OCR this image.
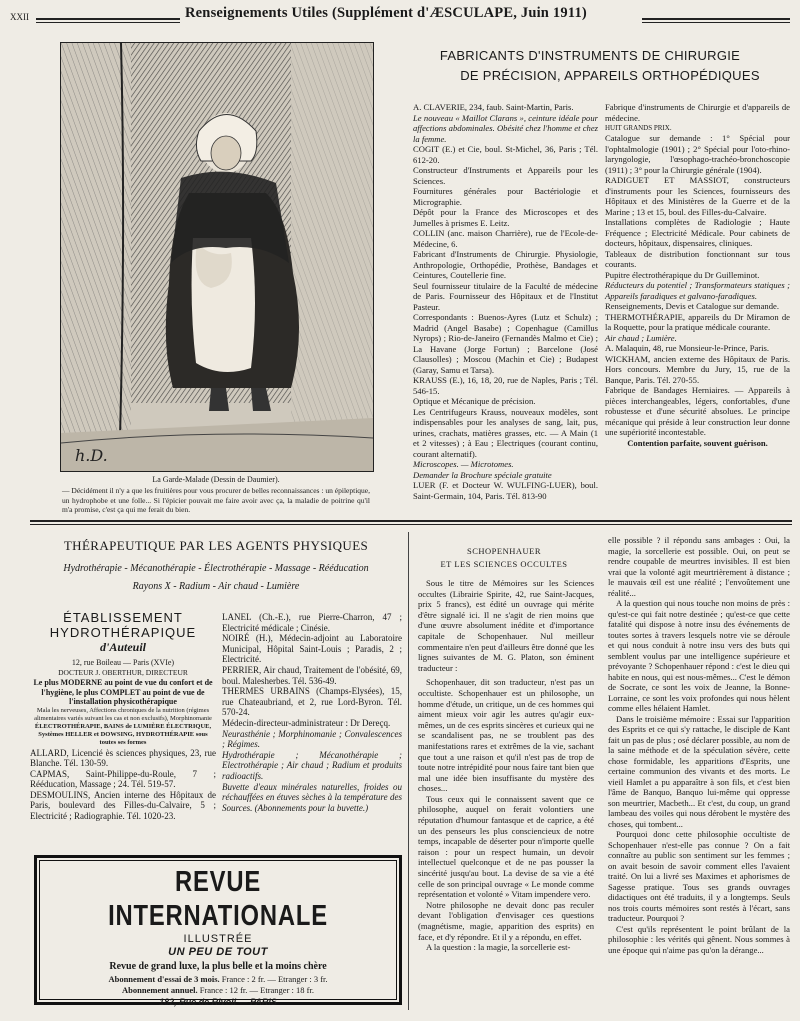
XXII	Renseignements Utiles (Supplément d'ÆSCULAPE, Juin 1911)
h.D.
La Garde-Malade (Dessin de Daumier).
— Décidément il n'y a que les fruitières pour vous procurer de belles reconnaissances : un épileptique, un hydrophobe et une folle... Si l'épicier pouvait me faire avoir avec ça, la maladie de poitrine qu'il m'a promise, c'est ça qui me ferait du bien.
FABRICANTS D'INSTRUMENTS DE CHIRURGIE
DE PRÉCISION, APPAREILS ORTHOPÉDIQUES

A. CLAVERIE, 234, faub. Saint-Martin, Paris.

Le nouveau « Maillot Clarans », ceinture idéale pour affections abdominales. Obésité chez l'homme et chez la femme.

COGIT (E.) et Cie, boul. St-Michel, 36, Paris ; Tél. 612-20.

Constructeur d'Instruments et Appareils pour les Sciences.

Fournitures générales pour Bactériologie et Micrographie.

Dépôt pour la France des Microscopes et des Jumelles à prismes E. Leitz.

COLLIN (anc. maison Charrière), rue de l'Ecole-de-Médecine, 6.

Fabricant d'Instruments de Chirurgie. Physiologie, Anthropologie, Orthopédie, Prothèse, Bandages et Ceintures, Coutellerie fine.

Seul fournisseur titulaire de la Faculté de médecine de Paris. Fournisseur des Hôpitaux et de l'Institut Pasteur.

Correspondants : Buenos-Ayres (Lutz et Schulz) ; Madrid (Angel Basabe) ; Copenhague (Camillus Nyrops) ; Rio-de-Janeiro (Fernandès Malmo et Cie) ; La Havane (Jorge Fortun) ; Barcelone (José Clausolles) ; Moscou (Machin et Cie) ; Budapest (Garay, Samu et Tarsa).

KRAUSS (E.), 16, 18, 20, rue de Naples, Paris ; Tél. 546-15.

Optique et Mécanique de précision.

Les Centrifugeurs Krauss, nouveaux modèles, sont indispensables pour les analyses de sang, lait, pus, urines, crachats, matières grasses, etc. — A Main (1 et 2 vitesses) ; à Eau ; Electriques (courant continu, courant alternatif).

Microscopes. — Microtomes.

Demander la Brochure spéciale gratuite

LUER (F. et Docteur W. WULFING-LUER), boul. Saint-Germain, 104, Paris. Tél. 813-90

Fabrique d'instruments de Chirurgie et d'appareils de médecine.

HUIT GRANDS PRIX.

Catalogue sur demande : 1° Spécial pour l'ophtalmologie (1901) ; 2° Spécial pour l'oto-rhino-laryngologie, l'œsophago-trachéo-bronchoscopie (1911) ; 3° pour la Chirurgie générale (1904).

RADIGUET ET MASSIOT, constructeurs d'instruments pour les Sciences, fournisseurs des Hôpitaux et des Ministères de la Guerre et de la Marine ; 13 et 15, boul. des Filles-du-Calvaire.

Installations complètes de Radiologie ; Haute Fréquence ; Electricité Médicale. Pour cabinets de docteurs, hôpitaux, dispensaires, cliniques.

Tableaux de distribution fonctionnant sur tous courants.

Pupitre électrothérapique du Dr Guilleminot.

Réducteurs du potentiel ; Transformateurs statiques ; Appareils faradiques et galvano-faradiques.

Renseignements, Devis et Catalogue sur demande.

THERMOTHÉRAPIE, appareils du Dr Miramon de la Roquette, pour la pratique médicale courante.

Air chaud ; Lumière.

A. Malaquin, 48, rue Monsieur-le-Prince, Paris.

WICKHAM, ancien externe des Hôpitaux de Paris. Hors concours. Membre du Jury, 15, rue de la Banque, Paris. Tél. 270-55.

Fabrique de Bandages Herniaires. — Appareils à pièces interchangeables, légers, confortables, d'une robustesse et d'une sécurité absolues. Le principe mécanique qui préside à leur construction leur donne une supériorité incontestable.

Contention parfaite, souvent guérison.

THÉRAPEUTIQUE PAR LES AGENTS PHYSIQUES
Hydrothérapie - Mécanothérapie - Électrothérapie - Massage - Rééducation
Rayons X - Radium - Air chaud - Lumière
ÉTABLISSEMENT
HYDROTHÉRAPIQUE
d'Auteuil
12, rue Boileau — Paris (XVIe)
DOCTEUR J. OBERTHUR, DIRECTEUR
Le plus MODERNE au point de vue du confort et de l'hygiène, le plus COMPLET au point de vue de l'installation physicothérapique
Mala les nerveuses, Affections chroniques de la nutrition (régimes alimentaires variés suivant les cas et non exclusifs), Morphinomanie
ÉLECTROTHÉRAPIE, BAINS de LUMIÈRE ÉLECTRIQUE, Systèmes HELLER et DOWSING, HYDROTHÉRAPIE sous toutes ses formes

ALLARD, Licencié ès sciences physiques, 23, rue Blanche. Tél. 130-59.

CAPMAS, Saint-Philippe-du-Roule, 7 ; Rééducation, Massage ; 24. Tél. 519-57.

DESMOULINS, Ancien interne des Hôpitaux de Paris, boulevard des Filles-du-Calvaire, 5 ; Electricité ; Radiographie. Tél. 1020-23.

LANEL (Ch.-E.), rue Pierre-Charron, 47 ; Electricité médicale ; Cinésie.

NOIRÉ (H.), Médecin-adjoint au Laboratoire Municipal, Hôpital Saint-Louis ; Paradis, 2 ; Electricité.

PERRIER, Air chaud, Traitement de l'obésité, 69, boul. Malesherbes. Tél. 536-49.

THERMES URBAINS (Champs-Elysées), 15, rue Chateaubriand, et 2, rue Lord-Byron. Tél. 570-24.

Médecin-directeur-administrateur : Dr Dereçq.

Neurasthénie ; Morphinomanie ; Convalescences ; Régimes.

Hydrothérapie ; Mécanothérapie ; Electrothérapie ; Air chaud ; Radium et produits radioactifs.

Buvette d'eaux minérales naturelles, froides ou réchauffées en étuves sèches à la température des Sources. (Abonnements pour la buvette.)

REVUE INTERNATIONALE
ILLUSTRÉE
UN PEU DE TOUT
Revue de grand luxe, la plus belle et la moins chère
Abonnement d'essai de 3 mois. France : 2 fr. — Etranger : 3 fr.
Abonnement annuel. France : 12 fr. — Etranger : 18 fr.
182, Rue de Rivoli — PARIS
SCHOPENHAUER
ET LES SCIENCES OCCULTES

Sous le titre de Mémoires sur les Sciences occultes (Librairie Spirite, 42, rue Saint-Jacques, prix 5 francs), est édité un ouvrage qui mérite d'être signalé ici. Il ne s'agit de rien moins que d'une œuvre absolument inédite et d'importance capitale de Schopenhauer. Nul meilleur commentaire n'en peut d'ailleurs être donné que les lignes suivantes de M. G. Platon, son éminent traducteur :

Schopenhauer, dit son traducteur, n'est pas un occultiste. Schopenhauer est un philosophe, un homme d'étude, un critique, un de ces hommes qui aiment mieux voir agir les autres qu'agir eux-mêmes, un de ces esprits sincères et curieux qui ne se scandalisent pas, ne se troublent pas des manifestations rares et extrêmes de la vie, sachant que tout a une raison et qu'il n'est pas de trop de toute notre intrépidité pour nous faire tant bien que mal une idée bien insuffisante du mystère des choses...

Tous ceux qui le connaissent savent que ce philosophe, auquel on ferait volontiers une réputation d'humour fantasque et de caprice, a été un des penseurs les plus consciencieux de notre temps, incapable de déserter pour n'importe quelle raison : pour un respect humain, un devoir intellectuel quelconque et de ne pas pousser la sincérité jusqu'au bout. La devise de sa vie a été celle de son principal ouvrage « Le monde comme représentation et volonté » Vitam impendere vero.

Notre philosophe ne devait donc pas reculer devant l'obligation d'envisager ces questions (magnétisme, magie, apparition des esprits) en face, et d'y répondre. Et il y a répondu, en effet.

A la question : la magie, la sorcellerie est-

elle possible ? il répondu sans ambages : Oui, la magie, la sorcellerie est possible. Oui, on peut se rendre coupable de meurtres invisibles. Il est bien vrai que la volonté agit meurtrièrement à distance ; le mauvais œil est une réalité ; l'envoûtement une réalité...

A la question qui nous touche non moins de près : qu'est-ce qui fait notre destinée ; qu'est-ce que cette fatalité qui dispose à notre insu des événements de toutes sortes à travers lesquels notre vie se déroule et qui nous conduit à notre insu vers des buts qui semblent voulus par une intelligence supérieure et prévoyante ? Schopenhauer répond : c'est le dieu qui habite en nous, qui est nous-mêmes... C'est le démon de Socrate, ce sont les voix de Jeanne, la Bonne-Lorraine, ce sont les voix profondes qui nous hèlent comme elles hélaient Hamlet.

Dans le troisième mémoire : Essai sur l'apparition des Esprits et ce qui s'y rattache, le disciple de Kant fait un pas de plus ; osé déclarer possible, au nom de la saine méthode et de la spéculation sévère, cette chose formidable, les apparitions d'Esprits, une certaine communion des vivants et des morts. Le vieil Hamlet a pu apparaître à son fils, et c'est bien l'âme de Banquo, Banquo lui-même qui oppresse son meurtrier, Macbeth... Et c'est, du coup, un grand lambeau des voiles qui nous dérobent le mystère des choses, qui tombent...

Pourquoi donc cette philosophie occultiste de Schopenhauer n'est-elle pas connue ? On a fait connaître au public son sentiment sur les femmes ; on avait besoin de savoir comment elles l'avaient traité. On lui a livré ses Maximes et aphorismes de Sagesse pratique. Tous ses grands ouvrages didactiques ont été traduits, il y a longtemps. Seuls nos trois courts mémoires sont restés à l'écart, sans traducteur. Pourquoi ?

C'est qu'ils représentent le point brûlant de la philosophie : les vérités qui gênent. Nous sommes à une époque qui n'aime pas qu'on la dérange...
